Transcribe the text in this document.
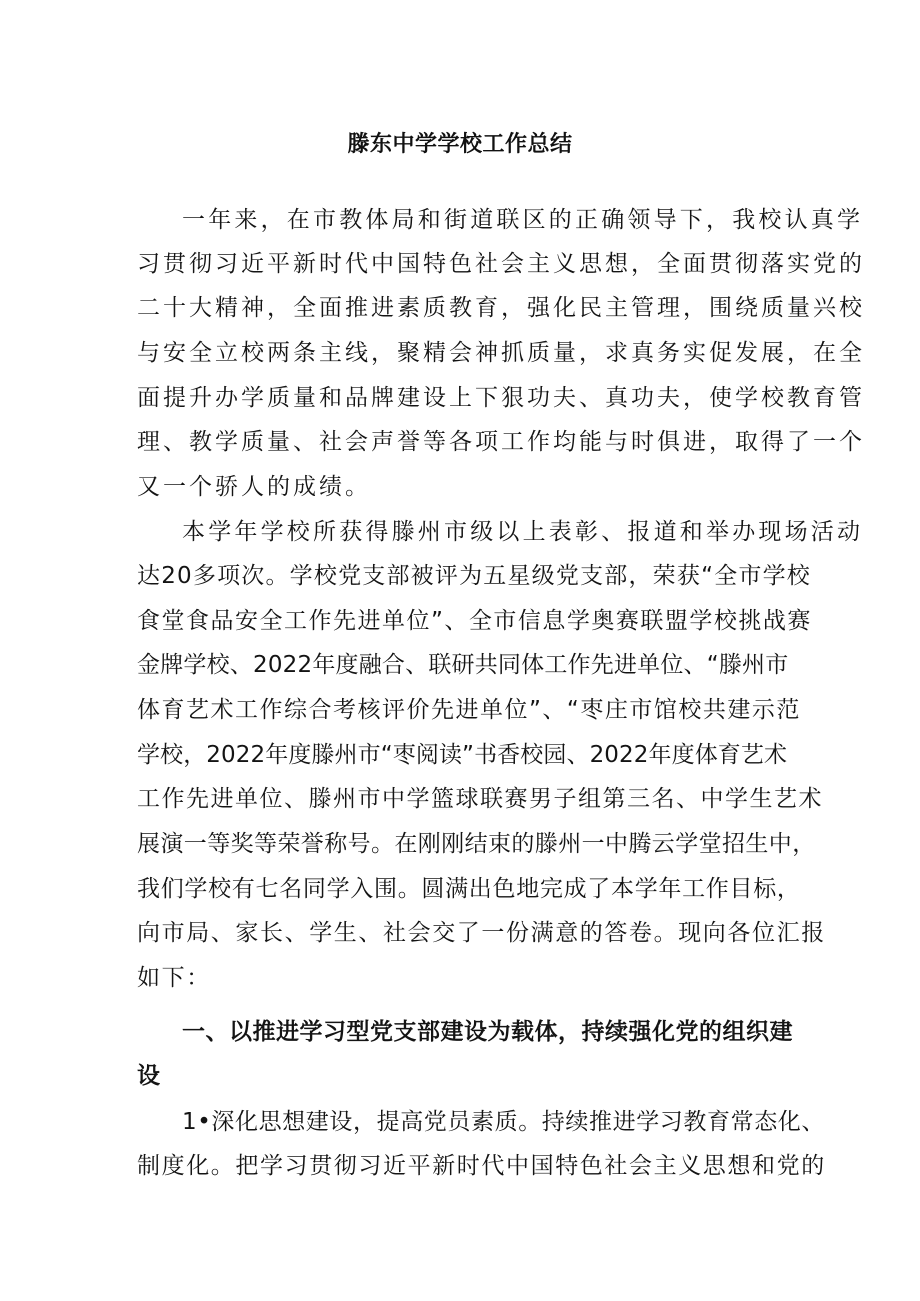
滕东中学学校工作总结
一年来，在市教体局和街道联区的正确领导下，我校认真学
习贯彻习近平新时代中国特色社会主义思想，全面贯彻落实党的
二十大精神，全面推进素质教育，强化民主管理，围绕质量兴校
与安全立校两条主线，聚精会神抓质量，求真务实促发展，在全
面提升办学质量和品牌建设上下狠功夫、真功夫，使学校教育管
理、教学质量、社会声誉等各项工作均能与时俱进，取得了一个
又一个骄人的成绩。
本学年学校所获得滕州市级以上表彰、报道和举办现场活动
达20多项次。学校党支部被评为五星级党支部，荣获“全市学校
食堂食品安全工作先进单位”、全市信息学奥赛联盟学校挑战赛
金牌学校、2022年度融合、联研共同体工作先进单位、“滕州市
体育艺术工作综合考核评价先进单位”、“枣庄市馆校共建示范
学校，2022年度滕州市“枣阅读”书香校园、2022年度体育艺术
工作先进单位、滕州市中学篮球联赛男子组第三名、中学生艺术
展演一等奖等荣誉称号。在刚刚结束的滕州一中腾云学堂招生中，
我们学校有七名同学入围。圆满出色地完成了本学年工作目标，
向市局、家长、学生、社会交了一份满意的答卷。现向各位汇报
如下：
一、以推进学习型党支部建设为载体，持续强化党的组织建
设
1•深化思想建设，提高党员素质。持续推进学习教育常态化、
制度化。把学习贯彻习近平新时代中国特色社会主义思想和党的
